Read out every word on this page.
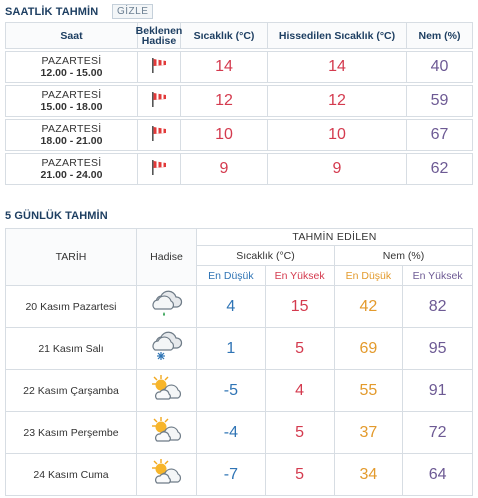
SAATLİK TAHMİN	GİZLE
Saat	Beklenen
Hadise	Sıcaklık (°C)	Hissedilen Sıcaklık (°C)	Nem (%)
PAZARTESİ
12.00 - 15.00	14	14	40
PAZARTESİ
15.00 - 18.00	12	12	59
PAZARTESİ
18.00 - 21.00	10	10	67
PAZARTESİ
21.00 - 24.00	9	9	62
5 GÜNLÜK TAHMİN
TARİH	Hadise
TAHMİN EDİLEN
Sıcaklık (°C)	Nem (%)
En Düşük	En Yüksek	En Düşük	En Yüksek
20 Kasım Pazartesi	4	15	42	82
21 Kasım Salı	1	5	69	95
22 Kasım Çarşamba	-5	4	55	91
23 Kasım Perşembe	-4	5	37	72
24 Kasım Cuma	-7	5	34	64
